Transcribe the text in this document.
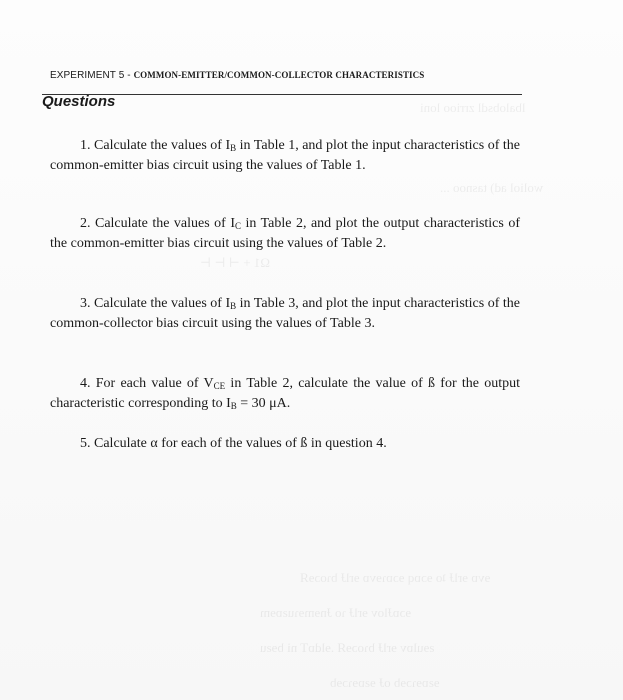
lbalobsdl zrrioo loni
woliol ad) tasnoo ...
Ω1 + ⊣ ⊢ ⊢
ɘvɒ ɘrlɈ ʇo ɘɔɒq ɘɔɒɿɘvɒ ɘrlɈ bɿoɔɘЯ
ɘɔɒɈlov ɘrlɈ ɿo Ɉnɘmɘɿuƨɒɘm
ƨɘulɒv ɘrlɈ bɿoɔɘЯ .ɘldɒT ni bɘƨu
ɘƨɒɘɿɔɘb oɈ ɘƨɒɘɿɔɘb
EXPERIMENT 5 - COMMON-EMITTER/COMMON-COLLECTOR CHARACTERISTICS
Questions

1. Calculate the values of $I_B$ in Table 1, and plot the input characteristics of the common-emitter bias circuit using the values of Table 1.

2. Calculate the values of $I_C$ in Table 2, and plot the output characteristics of the common-emitter bias circuit using the values of Table 2.

3. Calculate the values of $I_B$ in Table 3, and plot the input characteristics of the common-collector bias circuit using the values of Table 3.

4. For each value of $V_{CE}$ in Table 2, calculate the value of ß for the output characteristic corresponding to $I_B = 30$ μA.

5. Calculate α for each of the values of ß in question 4.
